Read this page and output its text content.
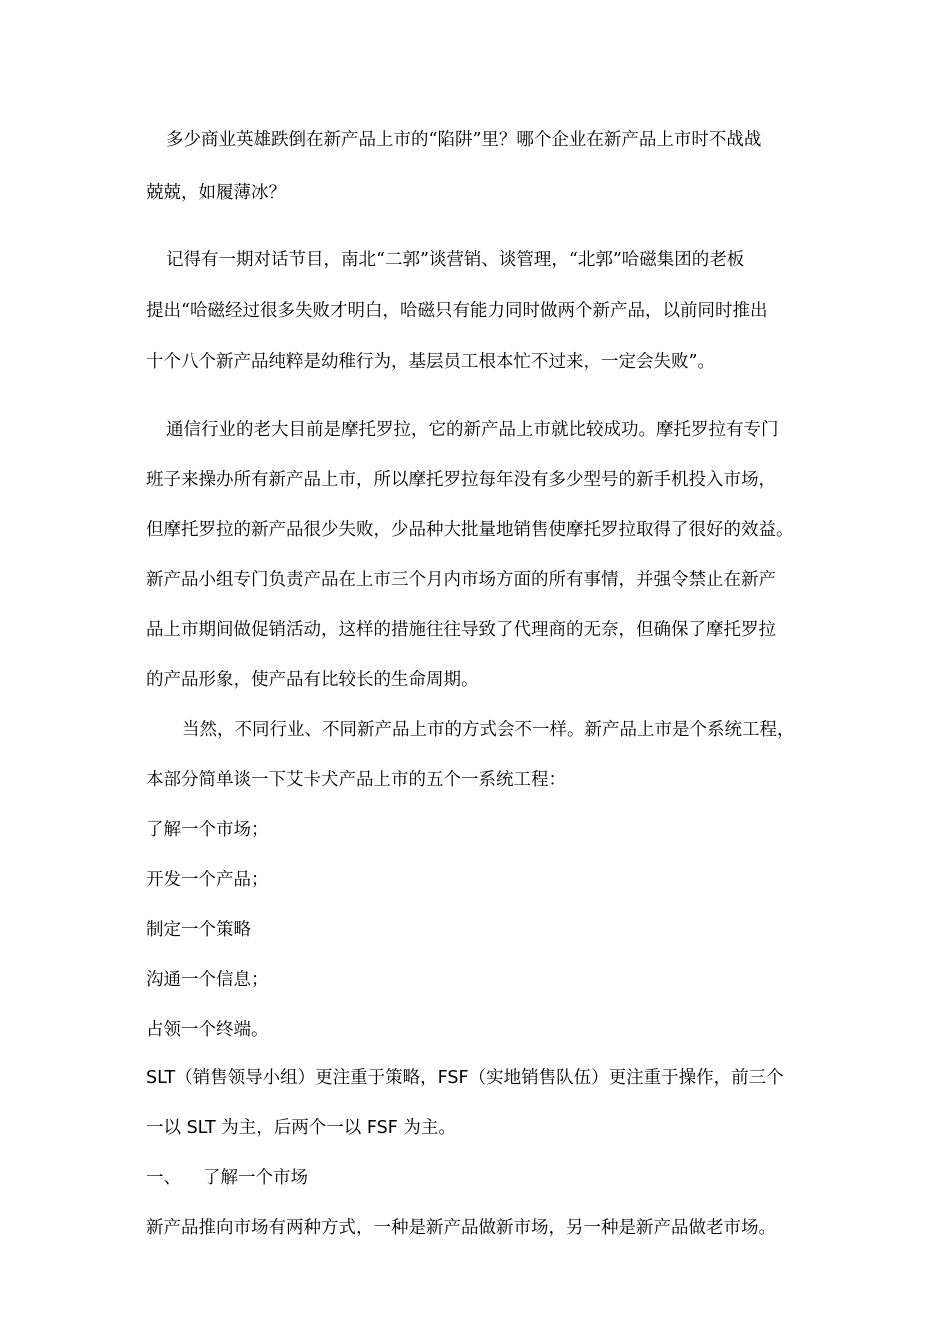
多少商业英雄跌倒在新产品上市的“陷阱”里？哪个企业在新产品上市时不战战
兢兢，如履薄冰？
记得有一期对话节目，南北“二郭”谈营销、谈管理，“北郭”哈磁集团的老板
提出“哈磁经过很多失败才明白，哈磁只有能力同时做两个新产品，以前同时推出
十个八个新产品纯粹是幼稚行为，基层员工根本忙不过来，一定会失败”。
通信行业的老大目前是摩托罗拉，它的新产品上市就比较成功。摩托罗拉有专门
班子来操办所有新产品上市，所以摩托罗拉每年没有多少型号的新手机投入市场，
但摩托罗拉的新产品很少失败，少品种大批量地销售使摩托罗拉取得了很好的效益。
新产品小组专门负责产品在上市三个月内市场方面的所有事情，并强令禁止在新产
品上市期间做促销活动，这样的措施往往导致了代理商的无奈，但确保了摩托罗拉
的产品形象，使产品有比较长的生命周期。
当然，不同行业、不同新产品上市的方式会不一样。新产品上市是个系统工程，
本部分简单谈一下艾卡犬产品上市的五个一系统工程：
了解一个市场；
开发一个产品；
制定一个策略
沟通一个信息；
占领一个终端。
SLT（销售领导小组）更注重于策略，FSF（实地销售队伍）更注重于操作，前三个
一以 SLT 为主，后两个一以 FSF 为主。
一、 了解一个市场
新产品推向市场有两种方式，一种是新产品做新市场，另一种是新产品做老市场。
